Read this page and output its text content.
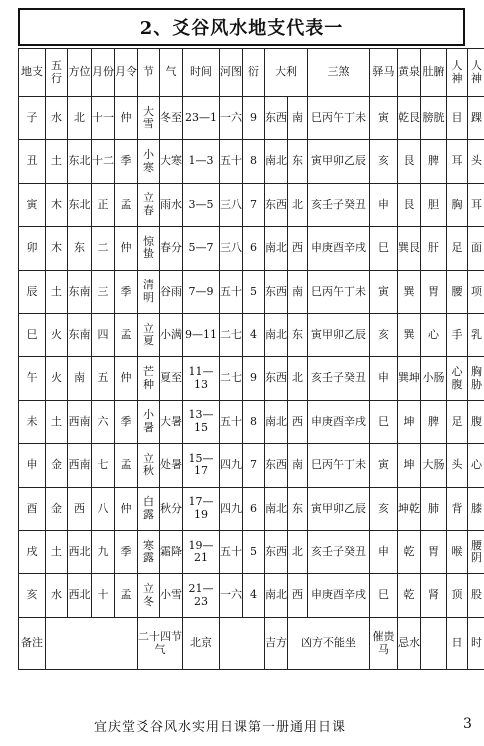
2、爻谷风水地支代表一
地支	五行	方位	月份	月令	节	气	时间	河图	衍	大利		三煞	驿马	黄泉	肚腑	人神	人神
子	水	北	十一	仲	大雪	冬至	23—1	一六	9	东西	南	巳丙午丁未	寅	乾艮	膀胱	目	踝
丑	土	东北	十二	季	小寒	大寒	1—3	五十	8	南北	东	寅甲卯乙辰	亥	艮	脾	耳	头
寅	木	东北	正	孟	立春	雨水	3—5	三八	7	东西	北	亥壬子癸丑	申	艮	胆	胸	耳
卯	木	东	二	仲	惊蛰	春分	5—7	三八	6	南北	西	申庚酉辛戌	巳	巽艮	肝	足	面
辰	土	东南	三	季	清明	谷雨	7—9	五十	5	东西	南	巳丙午丁未	寅	巽	胃	腰	项
巳	火	东南	四	孟	立夏	小满	9—11	二七	4	南北	东	寅甲卯乙辰	亥	巽	心	手	乳
午	火	南	五	仲	芒种	夏至	11—13	二七	9	东西	北	亥壬子癸丑	申	巽坤	小肠	心腹	胸胁
未	土	西南	六	季	小暑	大暑	13—15	五十	8	南北	西	申庚酉辛戌	巳	坤	脾	足	腹
申	金	西南	七	孟	立秋	处暑	15—17	四九	7	东西	南	巳丙午丁未	寅	坤	大肠	头	心
酉	金	西	八	仲	白露	秋分	17—19	四九	6	南北	东	寅甲卯乙辰	亥	坤乾	肺	背	膝
戌	土	西北	九	季	寒露	霜降	19—21	五十	5	东西	北	亥壬子癸丑	申	乾	胃	喉	腰阴
亥	水	西北	十	孟	立冬	小雪	21—23	一六	4	南北	西	申庚酉辛戌	巳	乾	肾	顶	股
备注					二十四节气		北京			吉方	凶方不能坐		催贵马	忌水		日	时
宜庆堂爻谷风水实用日课第一册通用日课	3
